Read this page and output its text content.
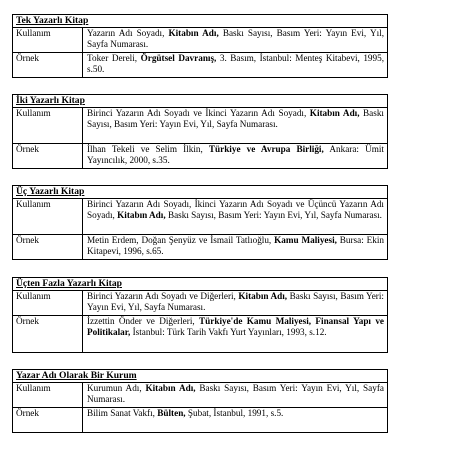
Tek Yazarlı Kitap
Kullanım	Yazarın Adı Soyadı, Kitabın Adı, Baskı Sayısı, Basım Yeri: Yayın Evi, Yıl, Sayfa Numarası.
Örnek	Toker Dereli, Örgütsel Davranış, 3. Basım, İstanbul: Menteş Kitabevi, 1995, s.50.
İki Yazarlı Kitap
Kullanım	Birinci Yazarın Adı Soyadı ve İkinci Yazarın Adı Soyadı, Kitabın Adı, Baskı Sayısı, Basım Yeri: Yayın Evi, Yıl, Sayfa Numarası.
Örnek	İlhan Tekeli ve Selim İlkin, Türkiye ve Avrupa Birliği, Ankara: Ümit Yayıncılık, 2000, s.35.
Üç Yazarlı Kitap
Kullanım	Birinci Yazarın Adı Soyadı, İkinci Yazarın Adı Soyadı ve Üçüncü Yazarın Adı Soyadı, Kitabın Adı, Baskı Sayısı, Basım Yeri: Yayın Evi, Yıl, Sayfa Numarası.
Örnek	Metin Erdem, Doğan Şenyüz ve İsmail Tatlıoğlu, Kamu Maliyesi, Bursa: Ekin Kitapevi, 1996, s.65.
Üçten Fazla Yazarlı Kitap
Kullanım	Birinci Yazarın Adı Soyadı ve Diğerleri, Kitabın Adı, Baskı Sayısı, Basım Yeri: Yayın Evi, Yıl, Sayfa Numarası.
Örnek	İzzettin Önder ve Diğerleri, Türkiye'de Kamu Maliyesi, Finansal Yapı ve Politikalar, İstanbul: Türk Tarih Vakfı Yurt Yayınları, 1993, s.12.
Yazar Adı Olarak Bir Kurum
Kullanım	Kurumun Adı, Kitabın Adı, Baskı Sayısı, Basım Yeri: Yayın Evi, Yıl, Sayfa Numarası.
Örnek	Bilim Sanat Vakfı, Bülten, Şubat, İstanbul, 1991, s.5.
